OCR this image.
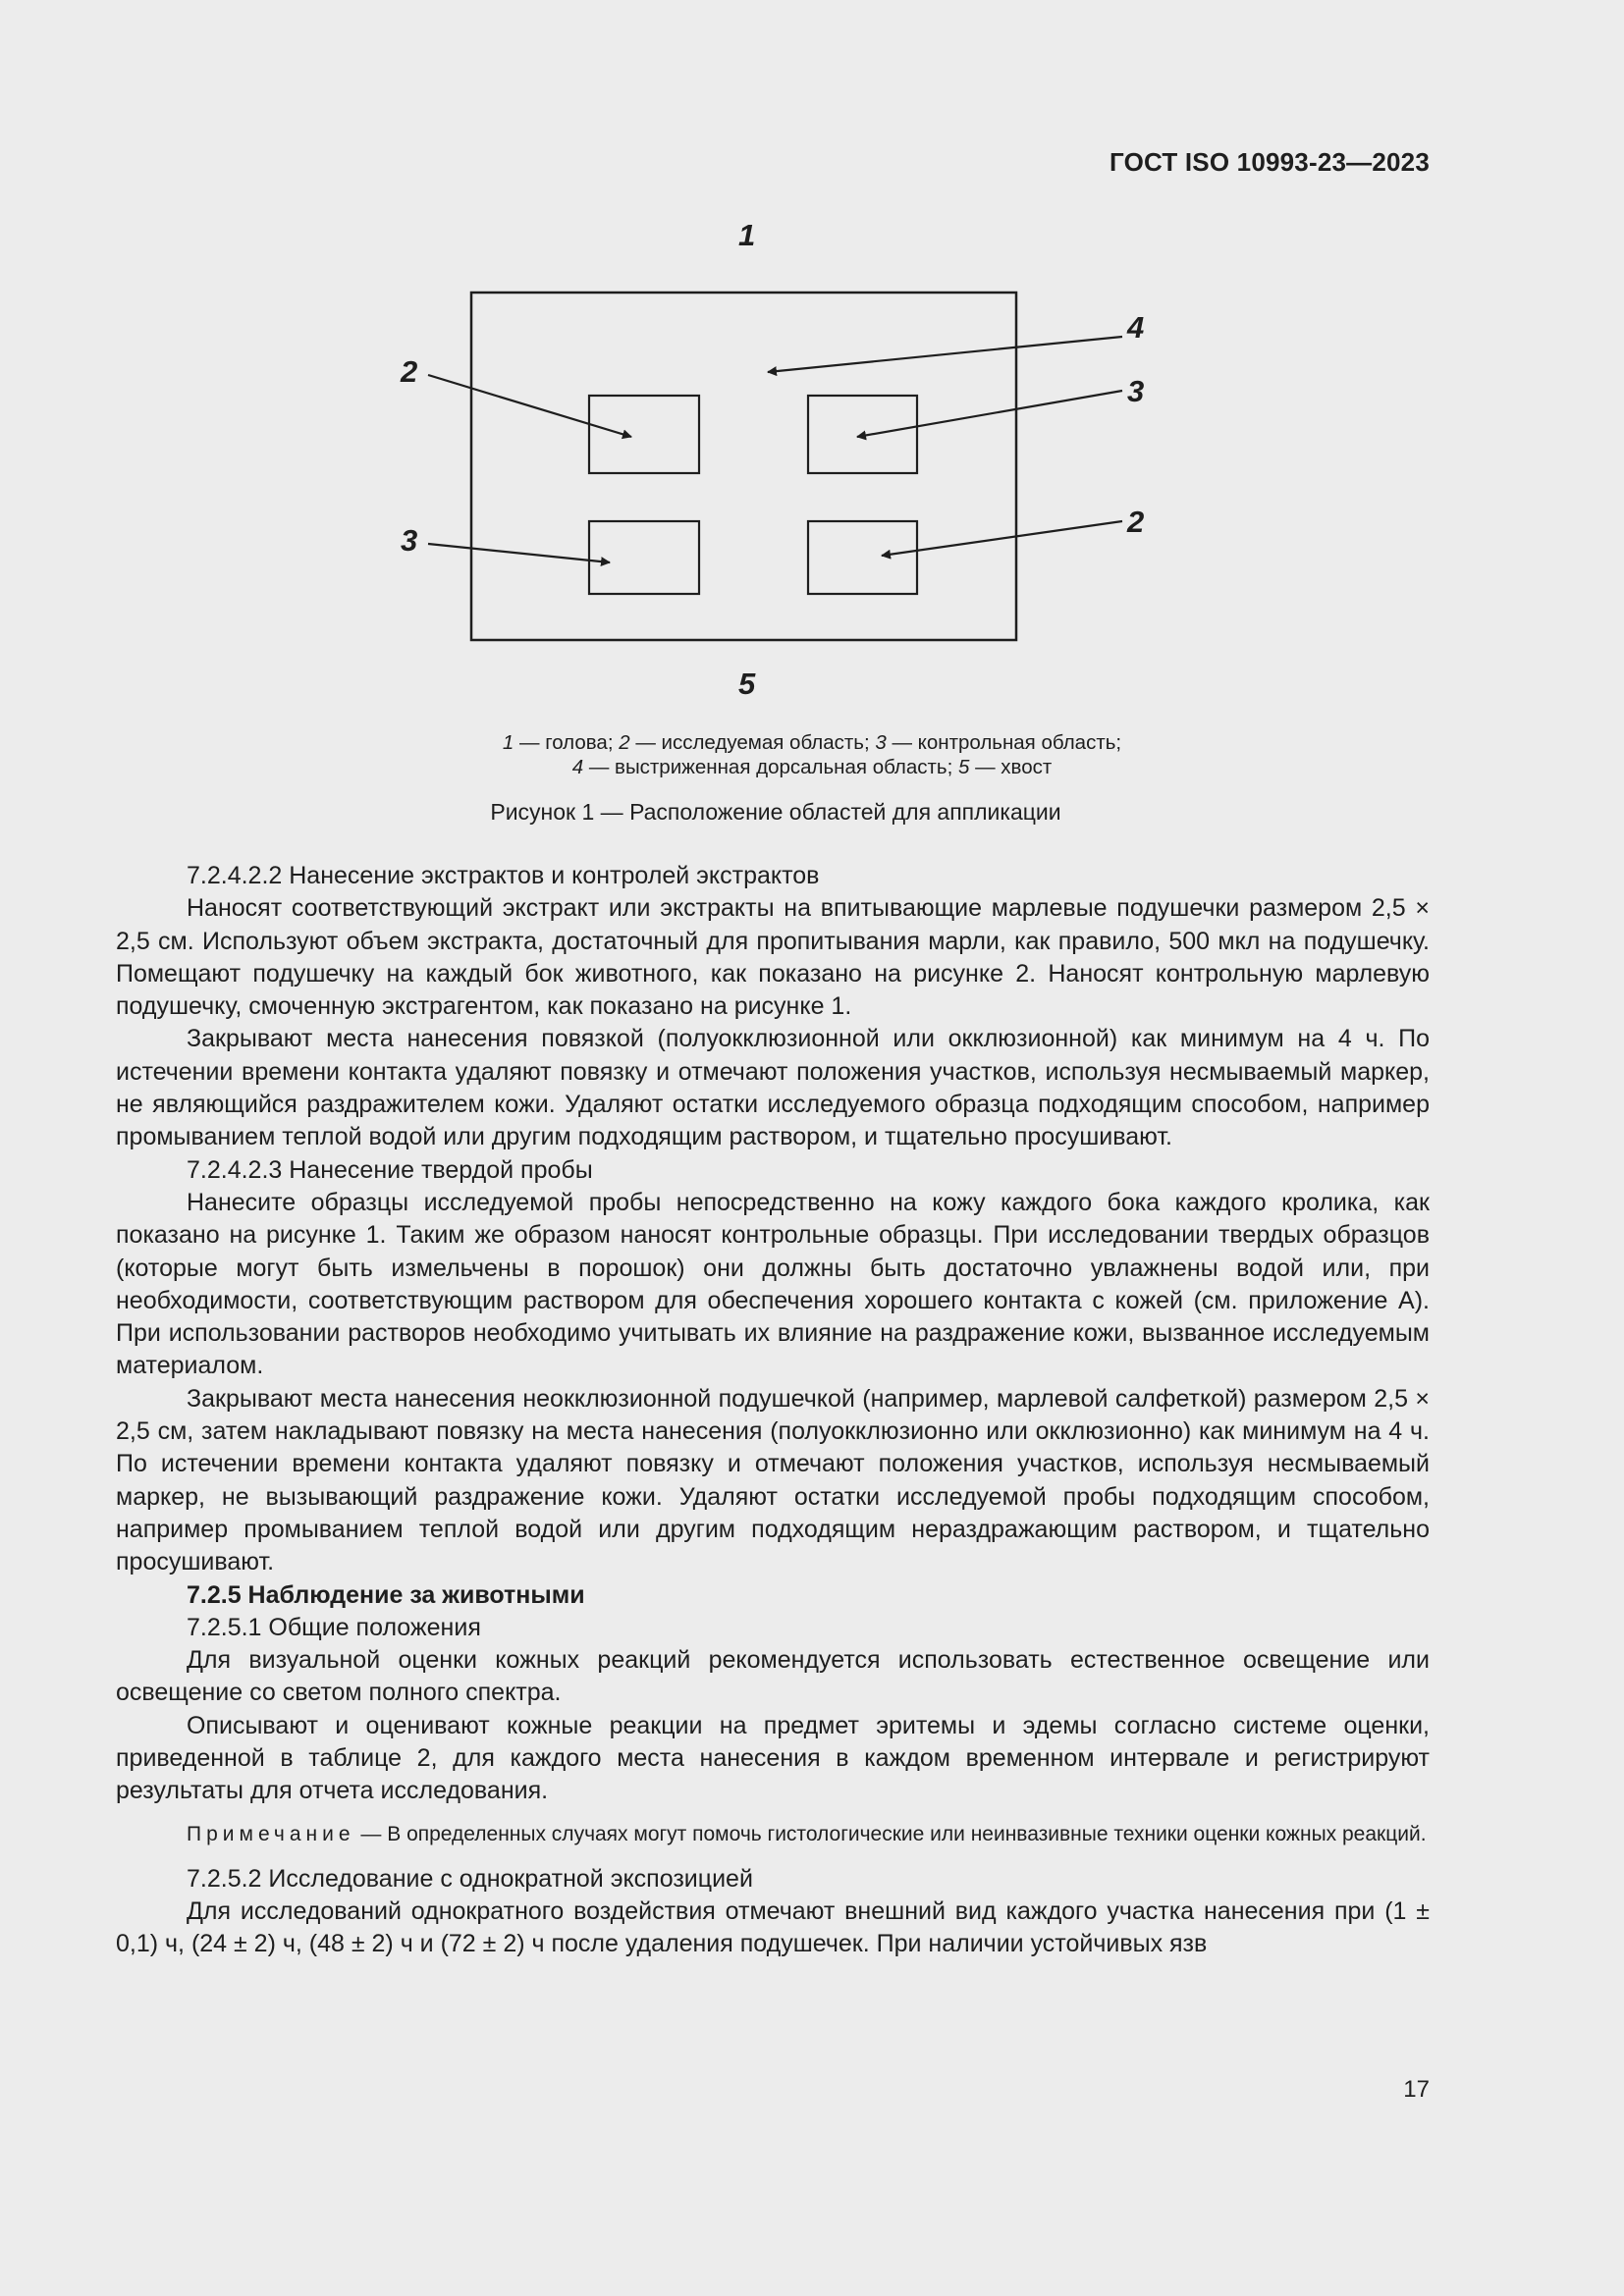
ГОСТ ISO 10993-23—2023
1
2
4
3
3
2
5
1 — голова; 2 — исследуемая область; 3 — контрольная область;
4 — выстриженная дорсальная область; 5 — хвост
Рисунок 1 — Расположение областей для аппликации

7.2.4.2.2 Нанесение экстрактов и контролей экстрактов

Наносят соответствующий экстракт или экстракты на впитывающие марлевые подушечки размером 2,5 × 2,5 см. Используют объем экстракта, достаточный для пропитывания марли, как правило, 500 мкл на подушечку. Помещают подушечку на каждый бок животного, как показано на рисунке 2. Наносят контрольную марлевую подушечку, смоченную экстрагентом, как показано на рисунке 1.

Закрывают места нанесения повязкой (полуокклюзионной или окклюзионной) как минимум на 4 ч. По истечении времени контакта удаляют повязку и отмечают положения участков, используя несмываемый маркер, не являющийся раздражителем кожи. Удаляют остатки исследуемого образца подходящим способом, например промыванием теплой водой или другим подходящим раствором, и тщательно просушивают.

7.2.4.2.3 Нанесение твердой пробы

Нанесите образцы исследуемой пробы непосредственно на кожу каждого бока каждого кролика, как показано на рисунке 1. Таким же образом наносят контрольные образцы. При исследовании твердых образцов (которые могут быть измельчены в порошок) они должны быть достаточно увлажнены водой или, при необходимости, соответствующим раствором для обеспечения хорошего контакта с кожей (см. приложение А). При использовании растворов необходимо учитывать их влияние на раздражение кожи, вызванное исследуемым материалом.

Закрывают места нанесения неокклюзионной подушечкой (например, марлевой салфеткой) размером 2,5 × 2,5 см, затем накладывают повязку на места нанесения (полуокклюзионно или окклюзионно) как минимум на 4 ч. По истечении времени контакта удаляют повязку и отмечают положения участков, используя несмываемый маркер, не вызывающий раздражение кожи. Удаляют остатки исследуемой пробы подходящим способом, например промыванием теплой водой или другим подходящим нераздражающим раствором, и тщательно просушивают.

7.2.5 Наблюдение за животными

7.2.5.1 Общие положения

Для визуальной оценки кожных реакций рекомендуется использовать естественное освещение или освещение со светом полного спектра.

Описывают и оценивают кожные реакции на предмет эритемы и эдемы согласно системе оценки, приведенной в таблице 2, для каждого места нанесения в каждом временном интервале и регистрируют результаты для отчета исследования.

Примечание — В определенных случаях могут помочь гистологические или неинвазивные техники оценки кожных реакций.

7.2.5.2 Исследование с однократной экспозицией

Для исследований однократного воздействия отмечают внешний вид каждого участка нанесения при (1 ± 0,1) ч, (24 ± 2) ч, (48 ± 2) ч и (72 ± 2) ч после удаления подушечек. При наличии устойчивых язв

17
